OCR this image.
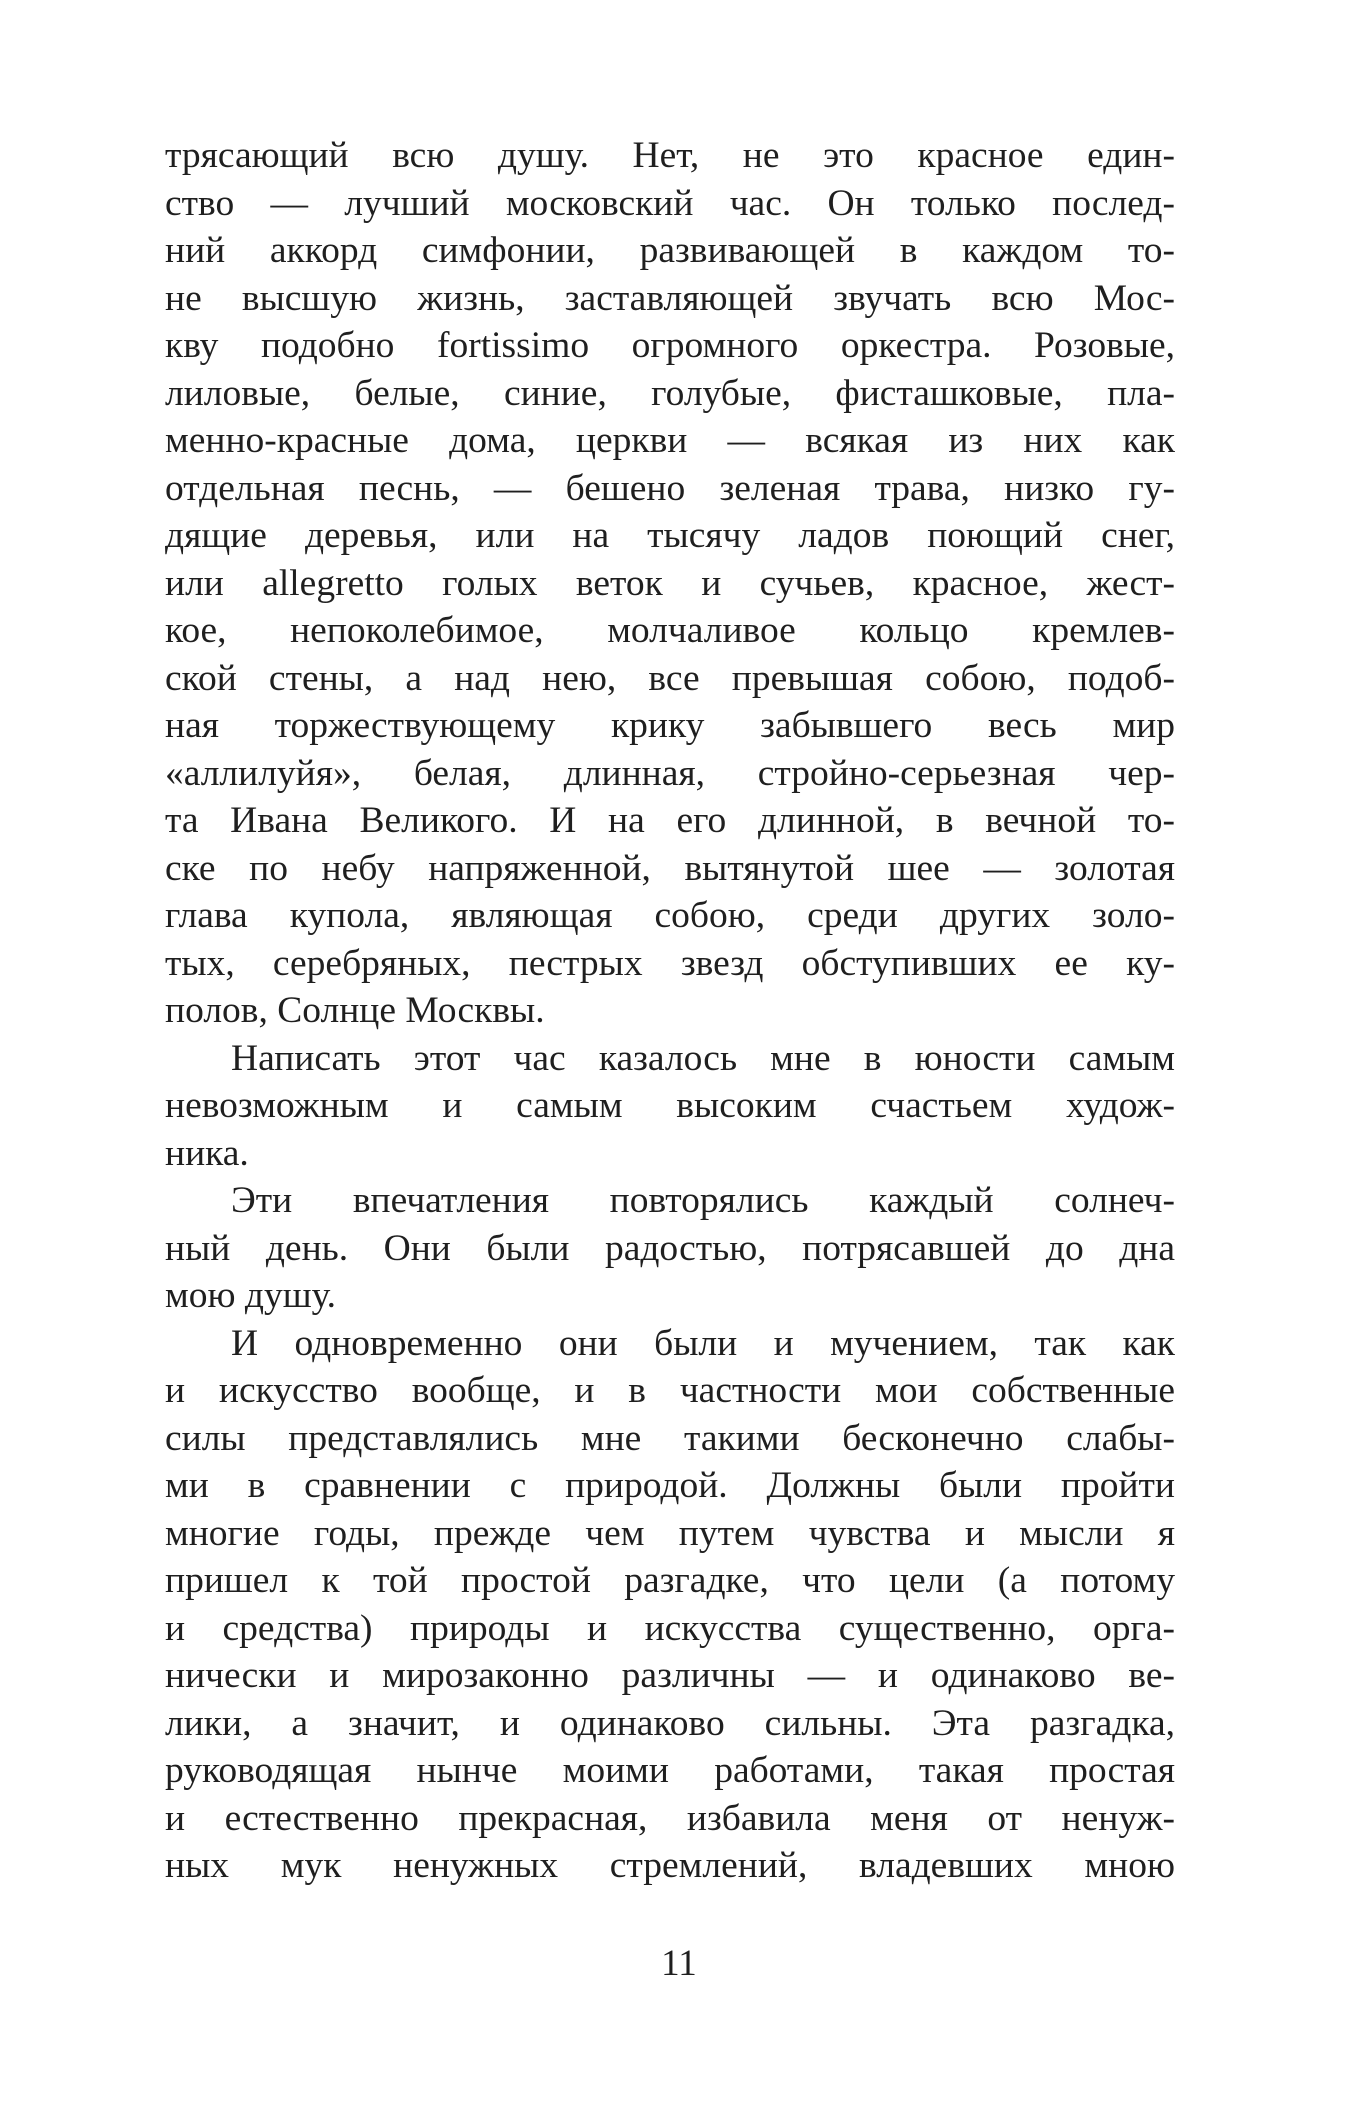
трясающий всю душу. Нет, не это красное един-
ство — лучший московский час. Он только послед-
ний аккорд симфонии, развивающей в каждом то-
не высшую жизнь, заставляющей звучать всю Мос-
кву подобно fortissimo огромного оркестра. Розовые,
лиловые, белые, синие, голубые, фисташковые, пла-
менно-красные дома, церкви — всякая из них как
отдельная песнь, — бешено зеленая трава, низко гу-
дящие деревья, или на тысячу ладов поющий снег,
или allegretto голых веток и сучьев, красное, жест-
кое, непоколебимое, молчаливое кольцо кремлев-
ской стены, а над нею, все превышая собою, подоб-
ная торжествующему крику забывшего весь мир
«аллилуйя», белая, длинная, стройно-серьезная чер-
та Ивана Великого. И на его длинной, в вечной то-
ске по небу напряженной, вытянутой шее — золотая
глава купола, являющая собою, среди других золо-
тых, серебряных, пестрых звезд обступивших ее ку-
полов, Солнце Москвы.
Написать этот час казалось мне в юности самым
невозможным и самым высоким счастьем худож-
ника.
Эти впечатления повторялись каждый солнеч-
ный день. Они были радостью, потрясавшей до дна
мою душу.
И одновременно они были и мучением, так как
и искусство вообще, и в частности мои собственные
силы представлялись мне такими бесконечно слабы-
ми в сравнении с природой. Должны были пройти
многие годы, прежде чем путем чувства и мысли я
пришел к той простой разгадке, что цели (а потому
и средства) природы и искусства существенно, орга-
нически и мирозаконно различны — и одинаково ве-
лики, а значит, и одинаково сильны. Эта разгадка,
руководящая нынче моими работами, такая простая
и естественно прекрасная, избавила меня от ненуж-
ных мук ненужных стремлений, владевших мною
11
